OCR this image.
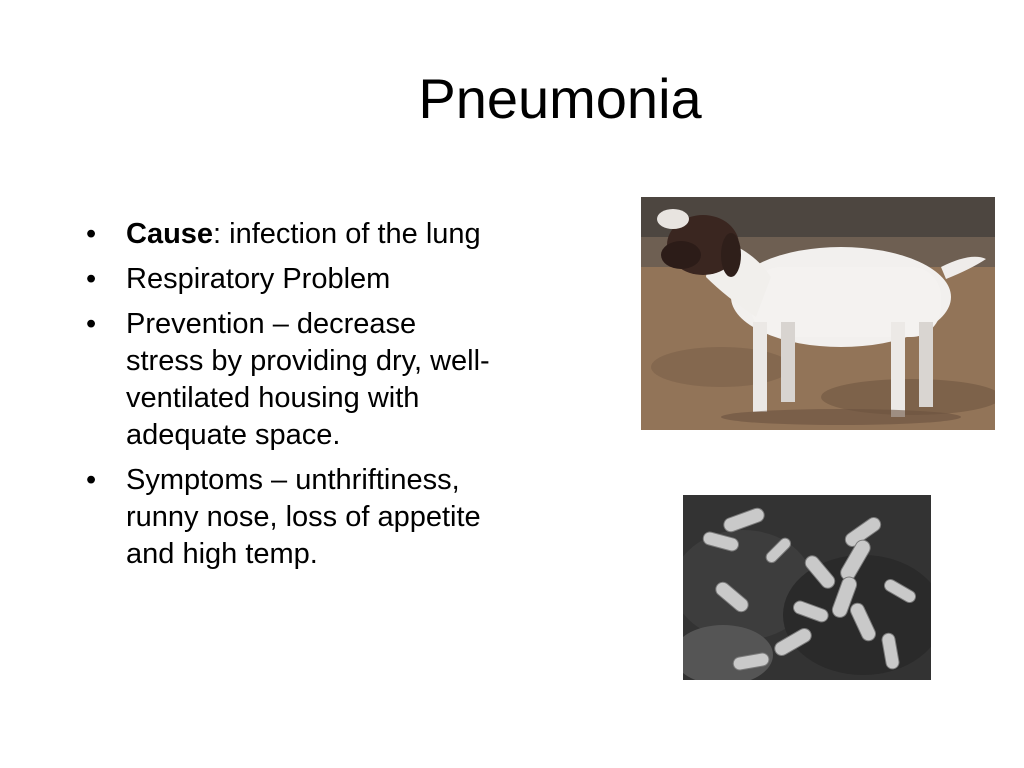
Pneumonia
• Cause: infection of the lung
• Respiratory Problem
• Prevention – decrease stress by providing dry, well-ventilated housing with adequate space.
• Symptoms – unthriftiness, runny nose, loss of appetite and high temp.
